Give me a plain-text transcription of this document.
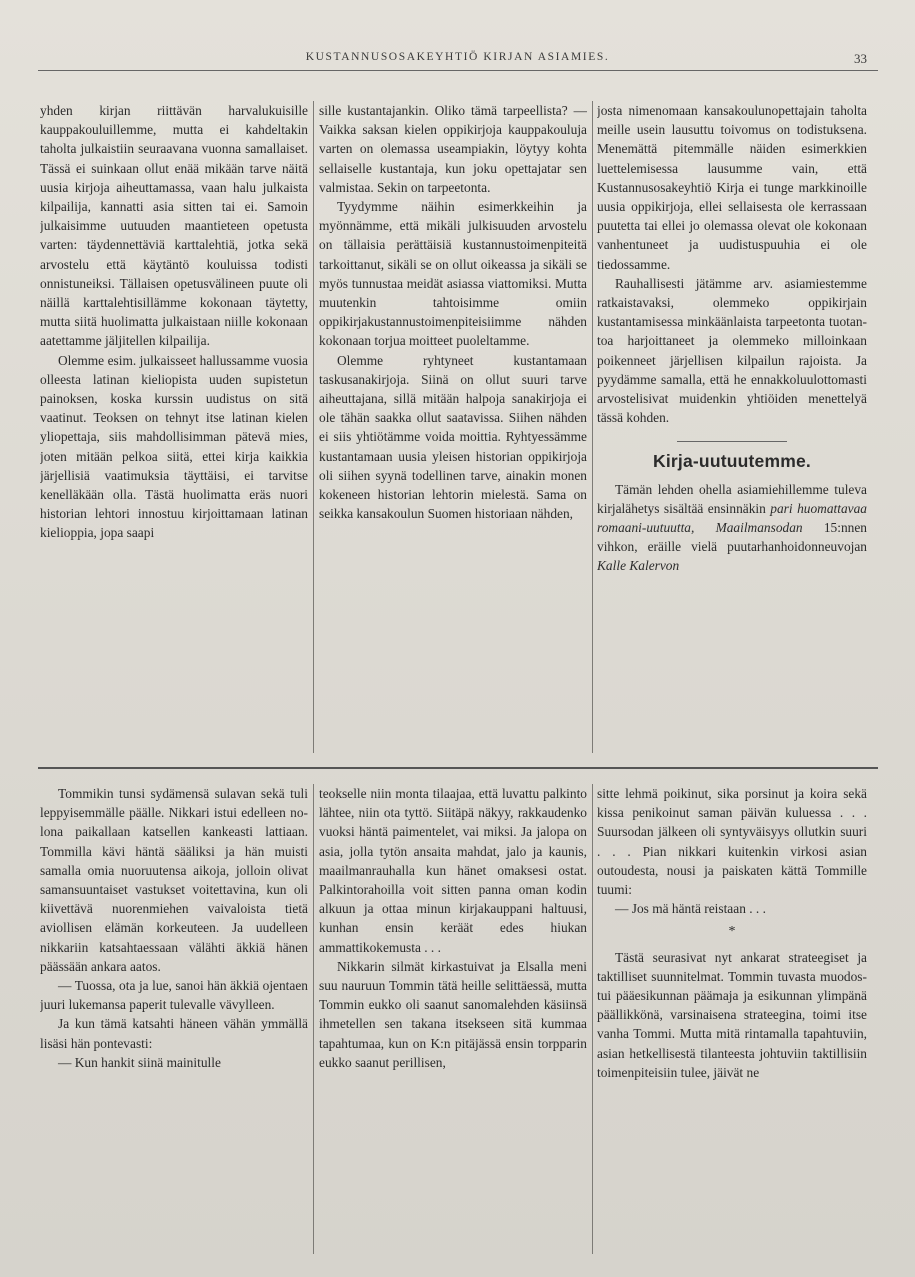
KUSTANNUSOSAKEYHTIÖ KIRJAN ASIAMIES.	33

yhden kirjan riittävän harvalukuisille kauppakouluillemme, mutta ei kahdeltakin taholta julkaistiin seuraavana vuonna samallaiset. Tässä ei suinkaan ollut enää mikään tarve näitä uusia kirjoja aiheuttamassa, vaan halu julkaista kilpailija, kannatti asia sitten tai ei. Samoin julkaisimme uutuuden maantieteen opetusta varten: täydennettäviä karttalehtiä, jotka sekä arvostelu että käytäntö kouluissa todisti onnistuneiksi. Tällaisen opetusvälineen puute oli näillä karttalehtisillämme kokonaan täytetty, mutta siitä huolimatta julkaistaan niille kokonaan aatettamme jäljitellen kilpailija.

Olemme esim. julkaisseet hallussamme vuosia olleesta latinan kieliopista uuden supistetun painoksen, koska kurssin uudistus on sitä vaatinut. Teoksen on tehnyt itse latinan kielen yliopettaja, siis mahdollisimman pätevä mies, joten mitään pelkoa siitä, ettei kirja kaikkia järjellisiä vaatimuksia täyttäisi, ei tarvitse kenelläkään olla. Tästä huolimatta eräs nuori historian lehtori innostuu kirjoittamaan latinan kielioppia, jopa saapi

sille kustantajankin. Oliko tämä tarpeellista? — Vaikka saksan kielen oppikirjoja kauppakouluja varten on olemassa useampiakin, löytyy kohta sellaiselle kustantaja, kun joku opettajatar sen valmistaa. Sekin on tarpeetonta.

Tyydymme näihin esimerkkeihin ja myönnämme, että mikäli julkisuuden arvostelu on tällaisia perättäisiä kustannustoimenpiteitä tarkoittanut, sikäli se on ollut oikeassa ja sikäli se myös tunnustaa meidät asiassa viattomiksi. Mutta muutenkin tahtoisimme omiin oppikirjakustannustoimenpiteisiimme nähden kokonaan torjua moitteet puoleltamme.

Olemme ryhtyneet kustantamaan taskusanakirjoja. Siinä on ollut suuri tarve aiheuttajana, sillä mitään halpoja sanakirjoja ei ole tähän saakka ollut saatavissa. Siihen nähden ei siis yhtiötämme voida moittia. Ryhtyessämme kustantamaan uusia yleisen historian oppikirjoja oli siihen syynä todellinen tarve, ainakin monen kokeneen historian lehtorin mielestä. Sama on seikka kansakoulun Suomen historiaan nähden,

josta nimenomaan kansakoulunopettajain taholta meille usein lausuttu toivomus on todistuksena. Menemättä pitemmälle näiden esimerkkien luettelemisessa lausumme vain, että Kustannusosakeyhtiö Kirja ei tunge markkinoille uusia oppikirjoja, ellei sellaisesta ole kerrassaan puutetta tai ellei jo olemassa olevat ole kokonaan vanhentuneet ja uudistuspuuhia ei ole tiedossamme.

Rauhallisesti jätämme arv. asiamiestemme ratkaistavaksi, olemmeko oppikirjain kustantamisessa minkäänlaista tarpeetonta tuotantoa harjoittaneet ja olemmeko milloinkaan poikenneet järjellisen kilpailun rajoista. Ja pyydämme samalla, että he ennakkoluulottomasti arvostelisivat muidenkin yhtiöiden menettelyä tässä kohden.

Kirja-uutuutemme.

Tämän lehden ohella asiamiehillemme tuleva kirjalähetys sisältää ensinnäkin pari huomattavaa romaani-uutuutta, Maailmansodan 15:nnen vihkon, eräille vielä puutarhanhoidonneuvojan Kalle Kalervon

Tommikin tunsi sydämensä sulavan sekä tuli leppyisemmälle päälle. Nikkari istui edelleen nolona paikallaan katsellen kankeasti lattiaan. Tommilla kävi häntä sääliksi ja hän muisti samalla omia nuoruutensa aikoja, jolloin olivat samansuuntaiset vastukset voitettavina, kun oli kiivettävä nuorenmiehen vaivaloista tietä aviollisen elämän korkeuteen. Ja uudelleen nikkariin katsahtaessaan välähti äkkiä hänen päässään ankara aatos.

— Tuossa, ota ja lue, sanoi hän äkkiä ojentaen juuri lukemansa paperit tulevalle vävylleen.

Ja kun tämä katsahti häneen vähän ymmällä lisäsi hän pontevasti:

— Kun hankit siinä mainitulle

teokselle niin monta tilaajaa, että luvattu palkinto lähtee, niin ota tyttö. Siitäpä näkyy, rakkaudenko vuoksi häntä paimentelet, vai miksi. Ja jalopa on asia, jolla tytön ansaita mahdat, jalo ja kaunis, maailmanrauhalla kun hänet omaksesi ostat. Palkintorahoilla voit sitten panna oman kodin alkuun ja ottaa minun kirjakauppani haltuusi, kunhan ensin keräät edes hiukan ammattikokemusta . . .

Nikkarin silmät kirkastuivat ja Elsalla meni suu nauruun Tommin tätä heille selittäessä, mutta Tommin eukko oli saanut sanomalehden käsiinsä ihmetellen sen takana itsekseen sitä kummaa tapahtumaa, kun on K:n pitäjässä ensin torpparin eukko saanut perillisen,

sitte lehmä poikinut, sika porsinut ja koira sekä kissa penikoinut saman päivän kuluessa . . . Suursodan jälkeen oli syntyväisyys ollutkin suuri . . . Pian nikkari kuitenkin virkosi asian outoudesta, nousi ja paiskaten kättä Tommille tuumi:

— Jos mä häntä reistaan . . .

*

Tästä seurasivat nyt ankarat strateegiset ja taktilliset suunnitelmat. Tommin tuvasta muodostui pääesikunnan päämaja ja esikunnan ylimpänä päällikkönä, varsinaisena strateegina, toimi itse vanha Tommi. Mutta mitä rintamalla tapahtuviin, asian hetkellisestä tilanteesta johtuviin taktillisiin toimenpiteisiin tulee, jäivät ne
